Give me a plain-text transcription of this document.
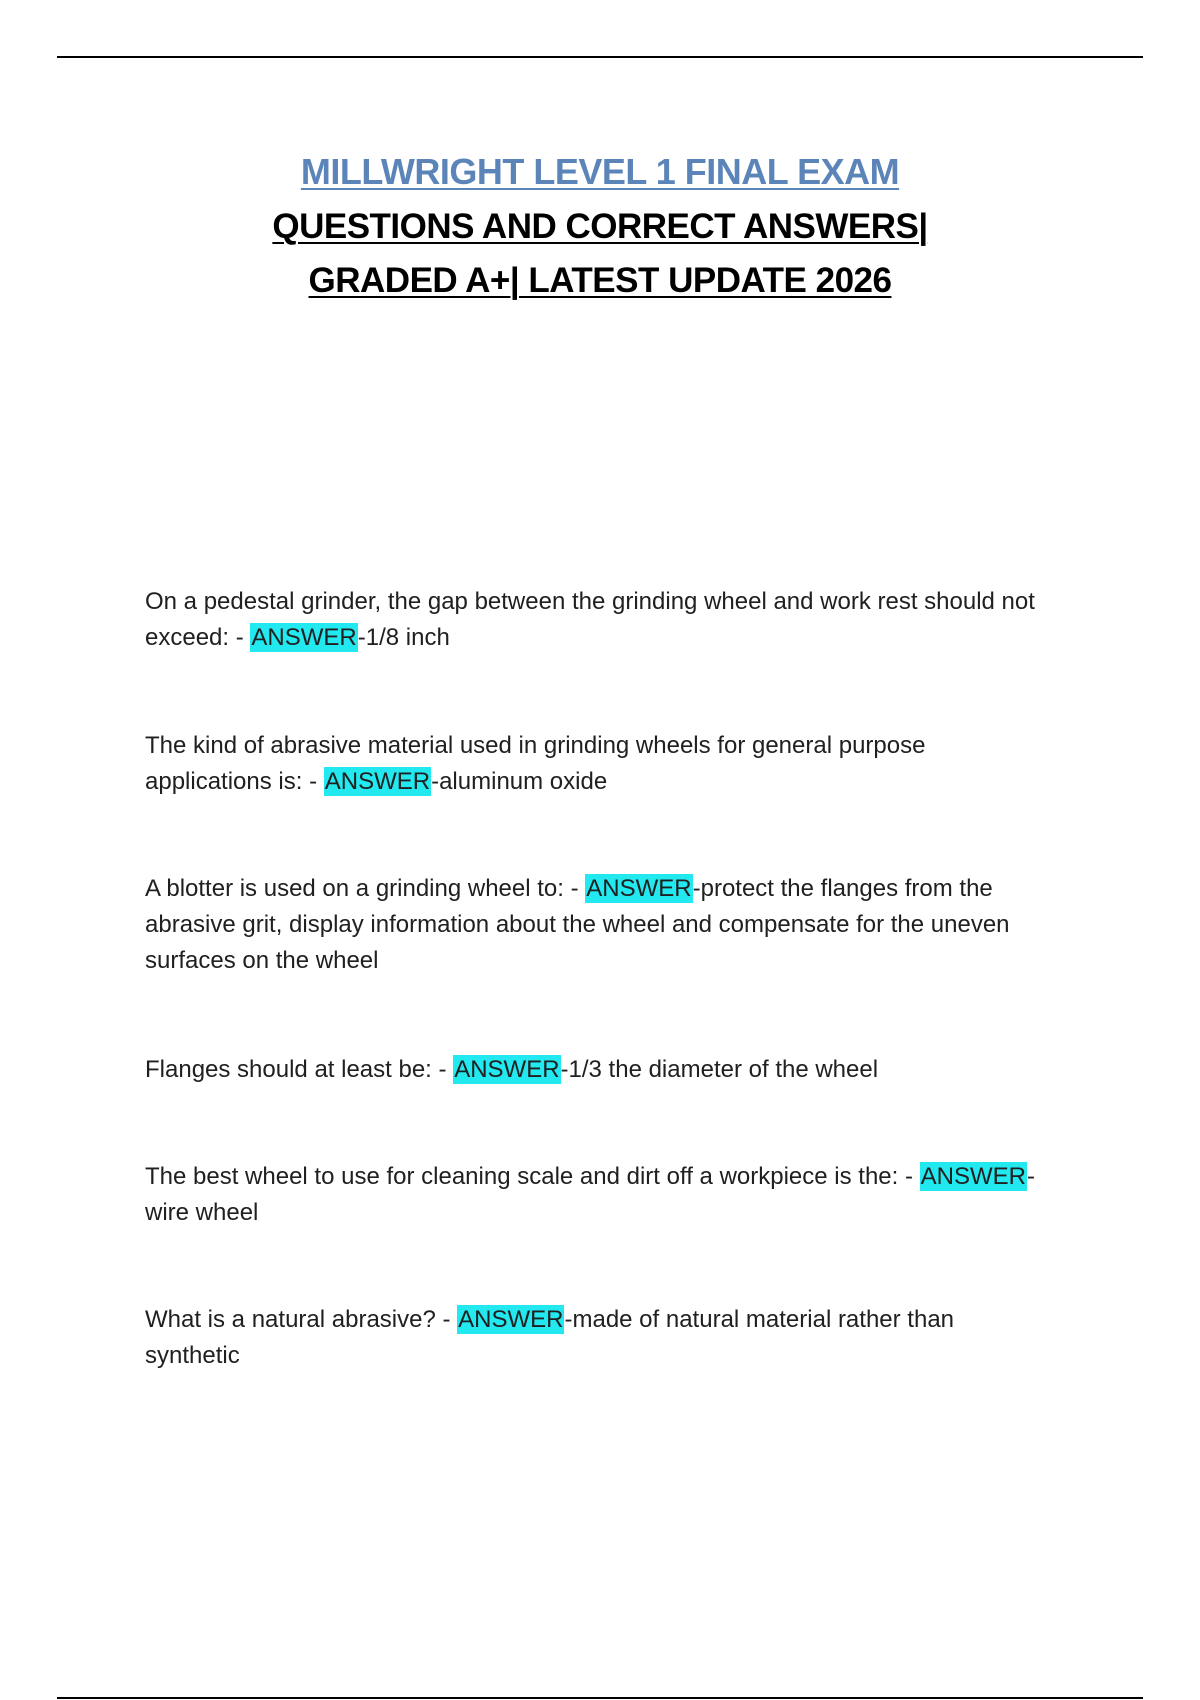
MILLWRIGHT LEVEL 1 FINAL EXAM
QUESTIONS AND CORRECT ANSWERS| GRADED A+| LATEST UPDATE 2026
On a pedestal grinder, the gap between the grinding wheel and work rest should not exceed: - ANSWER-1/8 inch
The kind of abrasive material used in grinding wheels for general purpose applications is: - ANSWER-aluminum oxide
A blotter is used on a grinding wheel to: - ANSWER-protect the flanges from the abrasive grit, display information about the wheel and compensate for the uneven surfaces on the wheel
Flanges should at least be: - ANSWER-1/3 the diameter of the wheel
The best wheel to use for cleaning scale and dirt off a workpiece is the: - ANSWER-wire wheel
What is a natural abrasive? - ANSWER-made of natural material rather than synthetic
